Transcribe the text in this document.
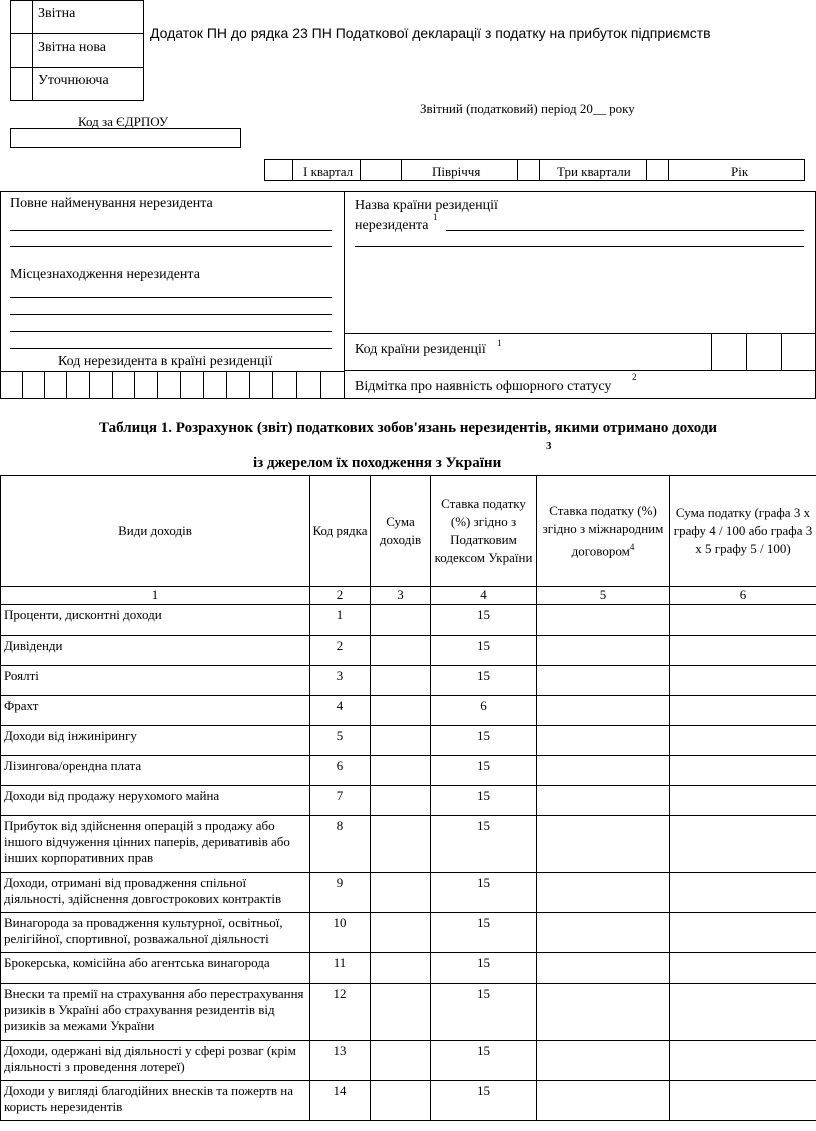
Звітна
Звітна нова
Уточнююча
Додаток ПН до рядка 23 ПН Податкової декларації з податку на прибуток підприємств
Звітний (податковий) період 20__ року
Код за ЄДРПОУ
I квартал	Півріччя	Три квартали	Рік
Повне найменування нерезидента
Місцезнаходження нерезидента
Код нерезидента в країні резиденції
Назва країни резиденції нерезидента
1
Код країни резиденції 1
Відмітка про наявність офшорного статусу
2
Таблиця 1. Розрахунок (звіт) податкових зобов'язань нерезидентів, якими отримано доходи
3
із джерелом їх походження з України
Види доходів	Код рядка	Сума доходів	Ставка податку (%) згідно з Податковим кодексом України	Ставка податку (%) згідно з міжнародним договором$^4$	Сума податку (графа 3 х графу 4 / 100 або графа 3 х 5 графу 5 / 100)
1	2	3	4	5	6
Проценти, дисконтні доходи	1		15		
Дивіденди	2		15		
Роялті	3		15		
Фрахт	4		6		
Доходи від інжинірингу	5		15		
Лізингова/орендна плата	6		15		
Доходи від продажу нерухомого майна	7		15		
Прибуток від здійснення операцій з продажу або іншого відчуження цінних паперів, деривативів або інших корпоративних прав	8		15		
Доходи, отримані від провадження спільної діяльності, здійснення довгострокових контрактів	9		15		
Винагорода за провадження культурної, освітньої, релігійної, спортивної, розважальної діяльності	10		15		
Брокерська, комісійна або агентська винагорода	11		15		
Внески та премії на страхування або перестрахування ризиків в Україні або страхування резидентів від ризиків за межами України	12		15		
Доходи, одержані від діяльності у сфері розваг (крім діяльності з проведення лотереї)	13		15		
Доходи у вигляді благодійних внесків та пожертв на користь нерезидентів	14		15		
